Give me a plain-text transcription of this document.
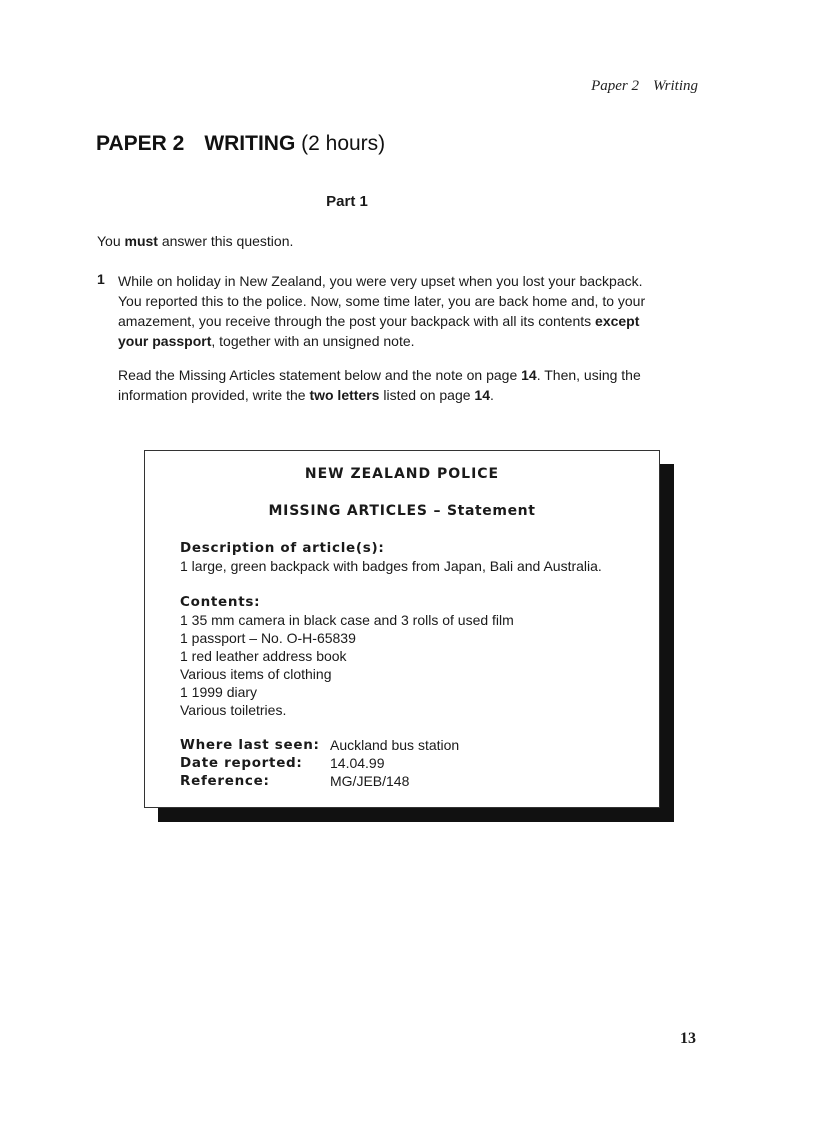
Paper 2 Writing
PAPER 2 WRITING (2 hours)
Part 1
You must answer this question.
1 While on holiday in New Zealand, you were very upset when you lost your backpack. You reported this to the police. Now, some time later, you are back home and, to your amazement, you receive through the post your backpack with all its contents except your passport, together with an unsigned note.

Read the Missing Articles statement below and the note on page 14. Then, using the information provided, write the two letters listed on page 14.

NEW ZEALAND POLICE
MISSING ARTICLES – Statement
Description of article(s):
1 large, green backpack with badges from Japan, Bali and Australia.
Contents:
1 35 mm camera in black case and 3 rolls of used film
1 passport – No. O-H-65839
1 red leather address book
Various items of clothing
1 1999 diary
Various toiletries.
Where last seen: Auckland bus station
Date reported:	14.04.99
Reference:	MG/JEB/148
13
